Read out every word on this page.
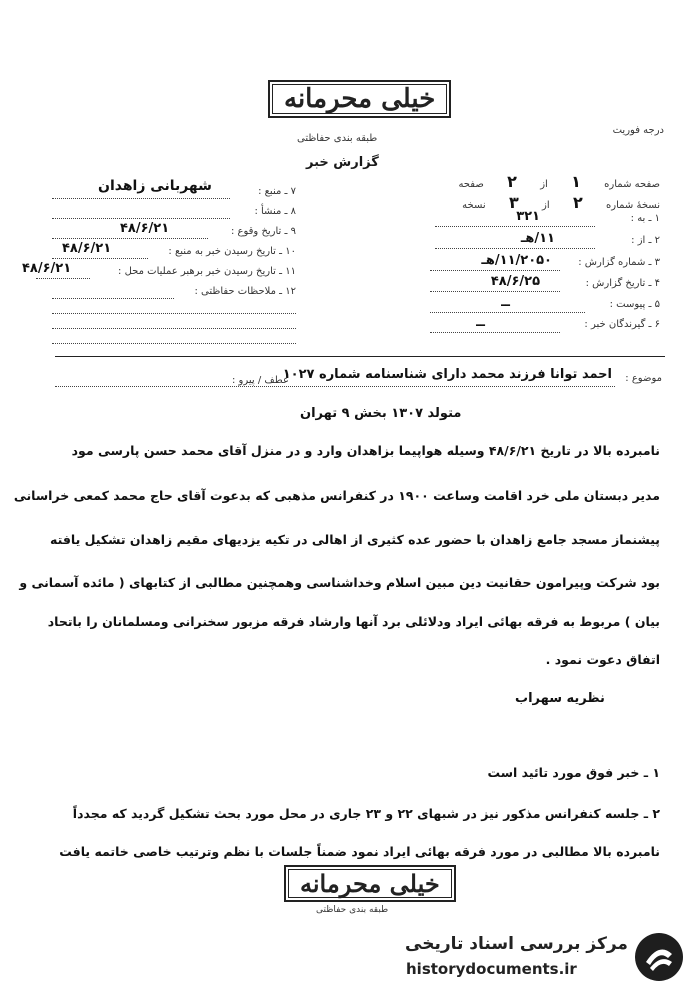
خیلی محرمانه
طبقه بندی حفاظتی
درجه فوریت
گزارش خبر
صفحه شماره ۱ از ۲ صفحه
نسخهٔ شماره ۲ از ۳ نسخه
۱ ـ به :
۳۲۱
۲ ـ از :
۱۱/هـ
۳ ـ شماره گزارش :
۱۱/۲۰۵۰/هـ
۴ ـ تاریخ گزارش :
۴۸/۶/۲۵
۵ ـ پیوست :
ــ
۶ ـ گیرندگان خبر :
ــ
۷ ـ منبع :
شهربانی زاهدان
۸ ـ منشأ :
۹ ـ تاریخ وقوع :
۴۸/۶/۲۱
۱۰ ـ تاریخ رسیدن خبر به منبع :
۴۸/۶/۲۱
۱۱ ـ تاریخ رسیدن خبر برهبر عملیات محل :
۴۸/۶/۲۱
۱۲ ـ ملاحظات حفاظتی :
موضوع :
احمد توانا فرزند محمد دارای شناسنامه شماره ۱۰۲۷
عطف / پیرو :
متولد ۱۳۰۷ بخش ۹ تهران
نامبرده بالا در تاریخ ۴۸/۶/۲۱ وسیله هواپیما بزاهدان وارد و در منزل آقای محمد حسن پارسی مود
مدیر دبستان ملی خرد اقامت وساعت ۱۹۰۰ در کنفرانس مذهبی که بدعوت آقای حاج محمد کمعی خراسانی
پیشنماز مسجد جامع زاهدان با حضور عده کثیری از اهالی در تکیه یزدیهای مقیم زاهدان تشکیل یافته
بود شرکت وپیرامون حقانیت دین مبین اسلام وخداشناسی وهمچنین مطالبی از کتابهای ( مائده آسمانی و
بیان ) مربوط به فرقه بهائی ایراد ودلائلی برد آنها وارشاد فرقه مزبور سخنرانی ومسلمانان را باتحاد
اتفاق دعوت نمود .
نظریه سهراب
۱ ـ خبر فوق مورد تائید است
۲ ـ جلسه کنفرانس مذکور نیز در شبهای ۲۲ و ۲۳ جاری در محل مورد بحث تشکیل گردید که مجدداً
نامبرده بالا مطالبی در مورد فرقه بهائی ایراد نمود ضمناً جلسات با نظم وترتیب خاصی خاتمه یافت
خیلی محرمانه
طبقه بندی حفاظتی
مرکز بررسی اسناد تاریخی
historydocuments.ir
